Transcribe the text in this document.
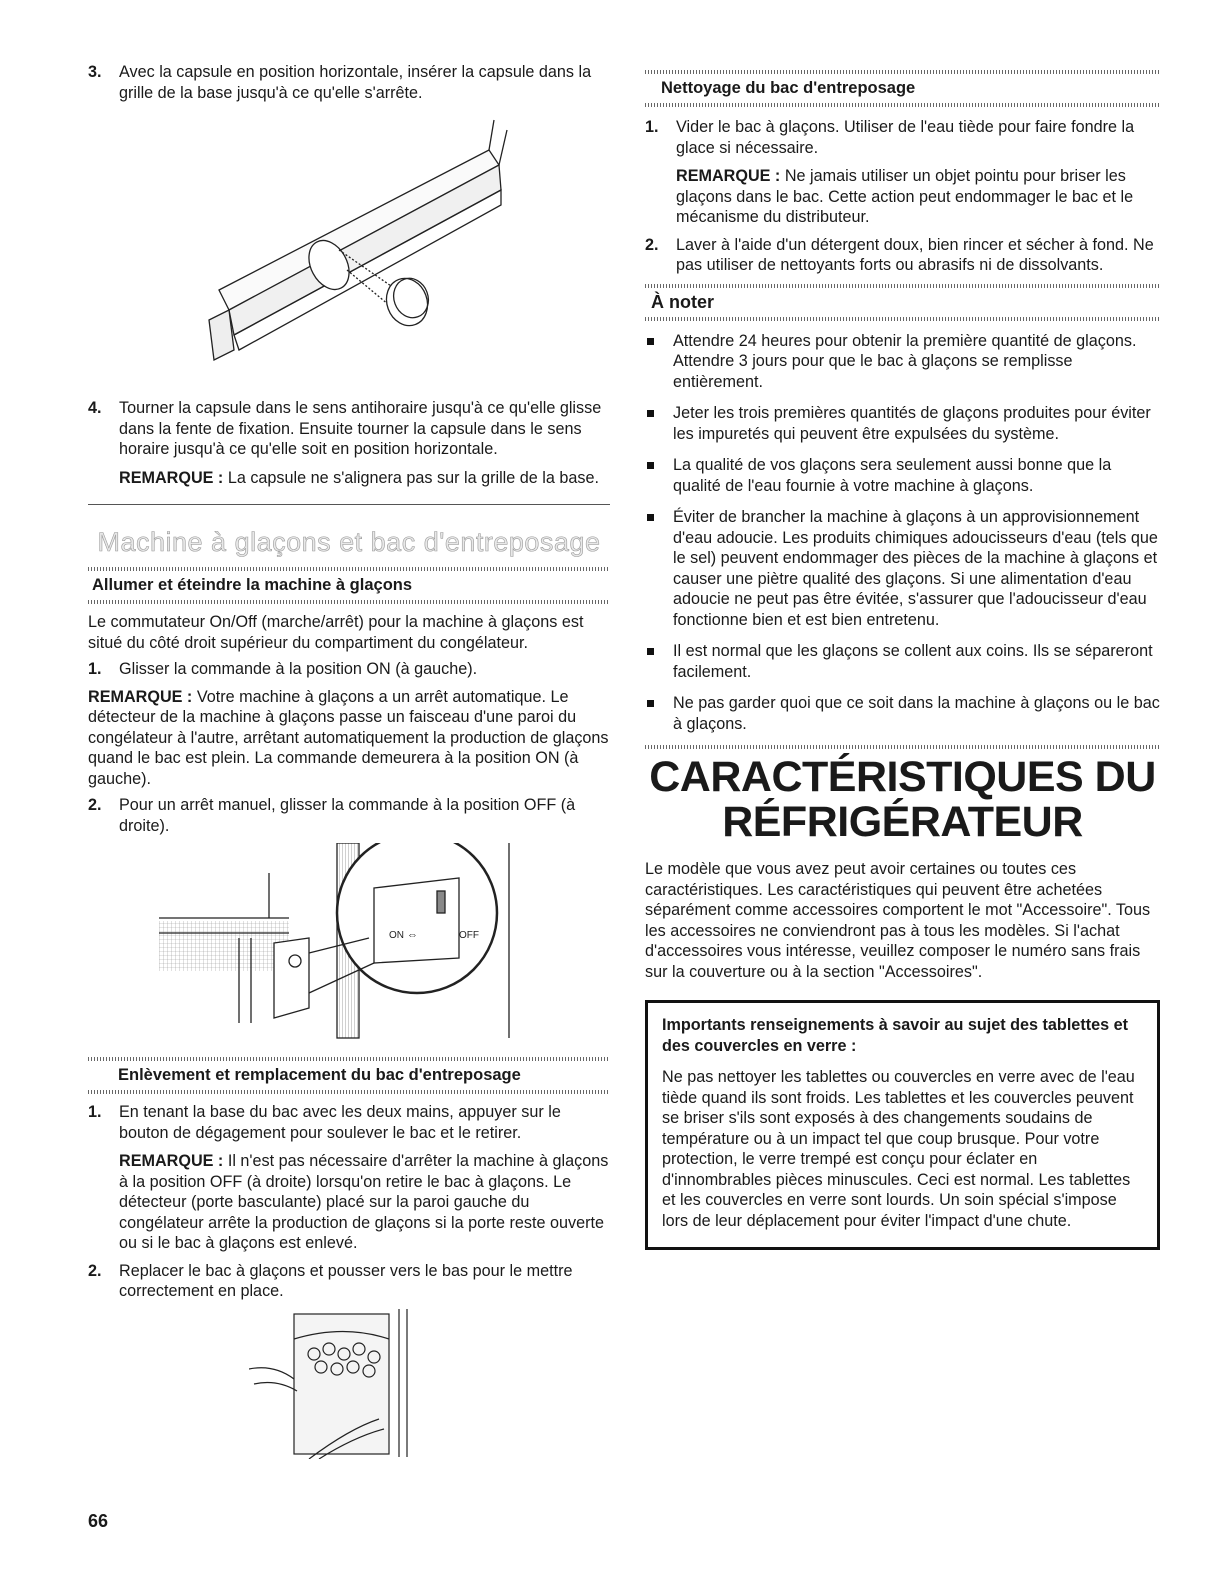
3. Avec la capsule en position horizontale, insérer la capsule dans la grille de la base jusqu'à ce qu'elle s'arrête.

4. Tourner la capsule dans le sens antihoraire jusqu'à ce qu'elle glisse dans la fente de fixation. Ensuite tourner la capsule dans le sens horaire jusqu'à ce qu'elle soit en position horizontale.

REMARQUE : La capsule ne s'alignera pas sur la grille de la base.

Machine à glaçons et bac d'entreposage
Allumer et éteindre la machine à glaçons

Le commutateur On/Off (marche/arrêt) pour la machine à glaçons est situé du côté droit supérieur du compartiment du congélateur.

1. Glisser la commande à la position ON (à gauche).

REMARQUE : Votre machine à glaçons a un arrêt automatique. Le détecteur de la machine à glaçons passe un faisceau d'une paroi du congélateur à l'autre, arrêtant automatiquement la production de glaçons quand le bac est plein. La commande demeurera à la position ON (à gauche).

2. Pour un arrêt manuel, glisser la commande à la position OFF (à droite).

ON	OFF
⇔
Enlèvement et remplacement du bac d'entreposage
1. En tenant la base du bac avec les deux mains, appuyer sur le bouton de dégagement pour soulever le bac et le retirer.

REMARQUE : Il n'est pas nécessaire d'arrêter la machine à glaçons à la position OFF (à droite) lorsqu'on retire le bac à glaçons. Le détecteur (porte basculante) placé sur la paroi gauche du congélateur arrête la production de glaçons si la porte reste ouverte ou si le bac à glaçons est enlevé.

2. Replacer le bac à glaçons et pousser vers le bas pour le mettre correctement en place.

Nettoyage du bac d'entreposage
1. Vider le bac à glaçons. Utiliser de l'eau tiède pour faire fondre la glace si nécessaire.

REMARQUE : Ne jamais utiliser un objet pointu pour briser les glaçons dans le bac. Cette action peut endommager le bac et le mécanisme du distributeur.

2. Laver à l'aide d'un détergent doux, bien rincer et sécher à fond. Ne pas utiliser de nettoyants forts ou abrasifs ni de dissolvants.

À noter

Attendre 24 heures pour obtenir la première quantité de glaçons. Attendre 3 jours pour que le bac à glaçons se remplisse entièrement.

Jeter les trois premières quantités de glaçons produites pour éviter les impuretés qui peuvent être expulsées du système.

La qualité de vos glaçons sera seulement aussi bonne que la qualité de l'eau fournie à votre machine à glaçons.

Éviter de brancher la machine à glaçons à un approvisionnement d'eau adoucie. Les produits chimiques adoucisseurs d'eau (tels que le sel) peuvent endommager des pièces de la machine à glaçons et causer une piètre qualité des glaçons. Si une alimentation d'eau adoucie ne peut pas être évitée, s'assurer que l'adoucisseur d'eau fonctionne bien et est bien entretenu.

Il est normal que les glaçons se collent aux coins. Ils se sépareront facilement.

Ne pas garder quoi que ce soit dans la machine à glaçons ou le bac à glaçons.

CARACTÉRISTIQUES DU
RÉFRIGÉRATEUR

Le modèle que vous avez peut avoir certaines ou toutes ces caractéristiques. Les caractéristiques qui peuvent être achetées séparément comme accessoires comportent le mot "Accessoire". Tous les accessoires ne conviendront pas à tous les modèles. Si l'achat d'accessoires vous intéresse, veuillez composer le numéro sans frais sur la couverture ou à la section "Accessoires".

Importants renseignements à savoir au sujet des tablettes et des couvercles en verre :

Ne pas nettoyer les tablettes ou couvercles en verre avec de l'eau tiède quand ils sont froids. Les tablettes et les couvercles peuvent se briser s'ils sont exposés à des changements soudains de température ou à un impact tel que coup brusque. Pour votre protection, le verre trempé est conçu pour éclater en d'innombrables pièces minuscules. Ceci est normal. Les tablettes et les couvercles en verre sont lourds. Un soin spécial s'impose lors de leur déplacement pour éviter l'impact d'une chute.

66
